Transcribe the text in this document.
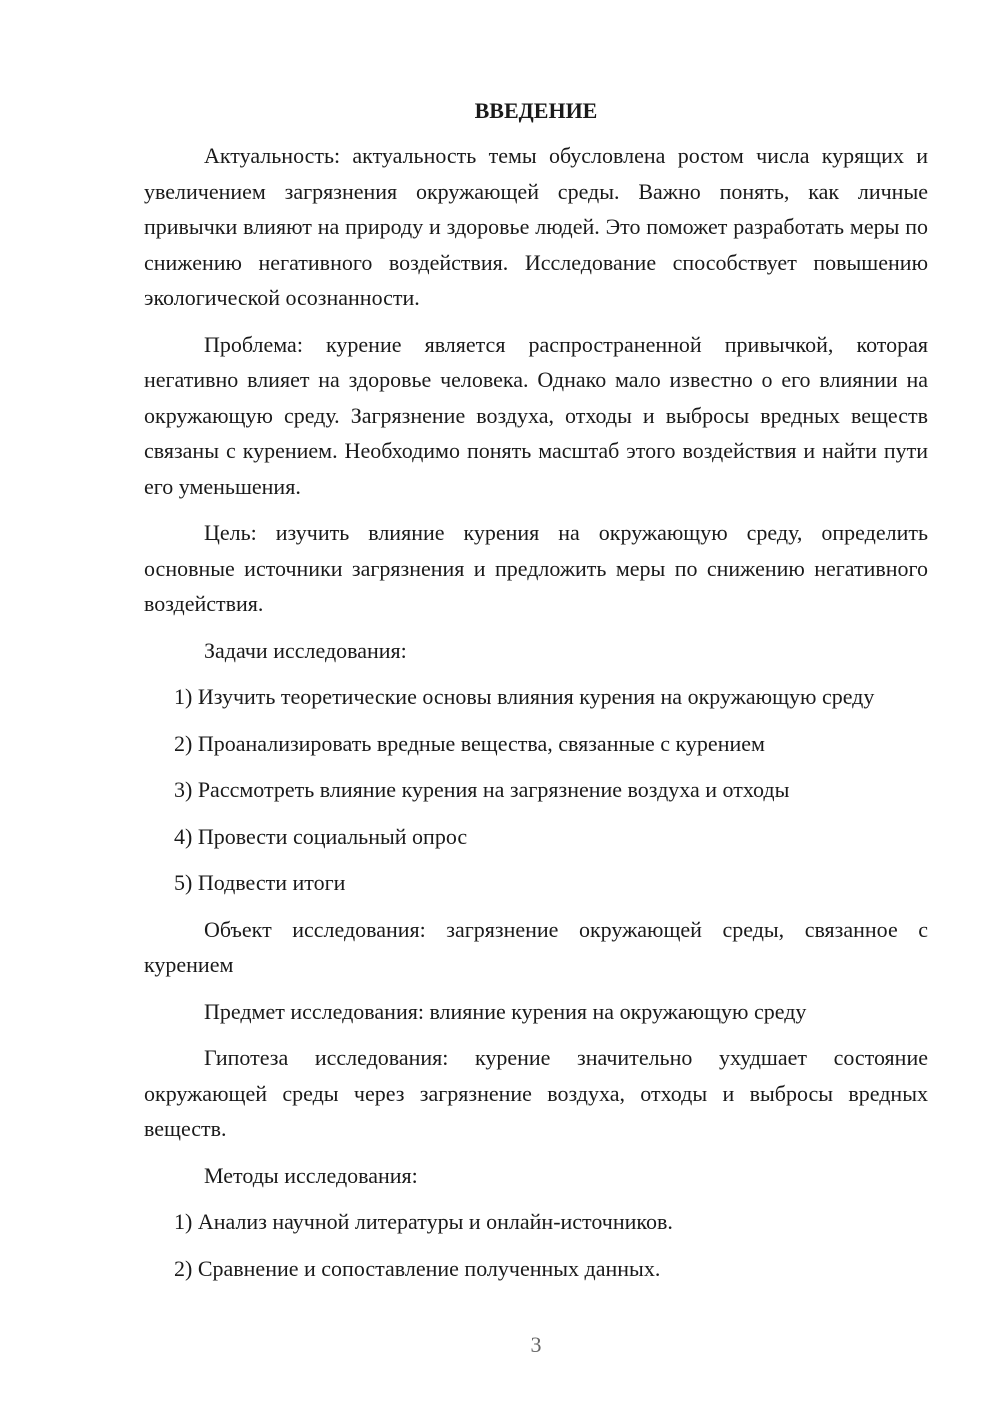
ВВЕДЕНИЕ

Актуальность: актуальность темы обусловлена ростом числа курящих и увеличением загрязнения окружающей среды. Важно понять, как личные привычки влияют на природу и здоровье людей. Это поможет разработать меры по снижению негативного воздействия. Исследование способствует повышению экологической осознанности.

Проблема: курение является распространенной привычкой, которая негативно влияет на здоровье человека. Однако мало известно о его влиянии на окружающую среду. Загрязнение воздуха, отходы и выбросы вредных веществ связаны с курением. Необходимо понять масштаб этого воздействия и найти пути его уменьшения.

Цель: изучить влияние курения на окружающую среду, определить основные источники загрязнения и предложить меры по снижению негативного воздействия.

Задачи исследования:

1) Изучить теоретические основы влияния курения на окружающую среду

2) Проанализировать вредные вещества, связанные с курением

3) Рассмотреть влияние курения на загрязнение воздуха и отходы

4) Провести социальный опрос

5) Подвести итоги

Объект исследования: загрязнение окружающей среды, связанное с курением

Предмет исследования: влияние курения на окружающую среду

Гипотеза исследования: курение значительно ухудшает состояние окружающей среды через загрязнение воздуха, отходы и выбросы вредных веществ.

Методы исследования:

1) Анализ научной литературы и онлайн-источников.

2) Сравнение и сопоставление полученных данных.

3
